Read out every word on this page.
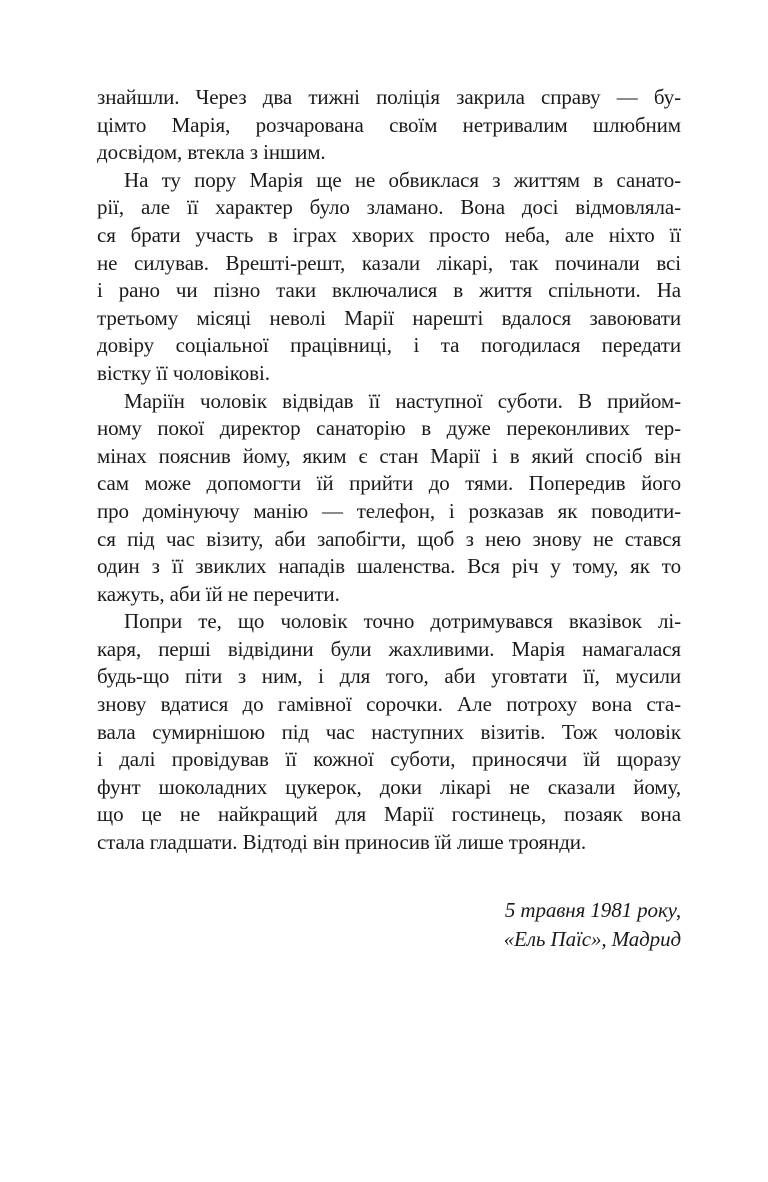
знайшли. Через два тижні поліція закрила справу — бу-
цімто Марія, розчарована своїм нетривалим шлюбним
досвідом, втекла з іншим.
На ту пору Марія ще не обвиклася з життям в санато-
рії, але її характер було зламано. Вона досі відмовляла-
ся брати участь в іграх хворих просто неба, але ніхто її
не силував. Врешті-решт, казали лікарі, так починали всі
і рано чи пізно таки включалися в життя спільноти. На
третьому місяці неволі Марії нарешті вдалося завоювати
довіру соціальної працівниці, і та погодилася передати
вістку її чоловікові.
Маріїн чоловік відвідав її наступної суботи. В прийом-
ному покої директор санаторію в дуже переконливих тер-
мінах пояснив йому, яким є стан Марії і в який спосіб він
сам може допомогти їй прийти до тями. Попередив його
про домінуючу манію — телефон, і розказав як поводити-
ся під час візиту, аби запобігти, щоб з нею знову не стався
один з її звиклих нападів шаленства. Вся річ у тому, як то
кажуть, аби їй не перечити.
Попри те, що чоловік точно дотримувався вказівок лі-
каря, перші відвідини були жахливими. Марія намагалася
будь-що піти з ним, і для того, аби уговтати її, мусили
знову вдатися до гамівної сорочки. Але потроху вона ста-
вала сумирнішою під час наступних візитів. Тож чоловік
і далі провідував її кожної суботи, приносячи їй щоразу
фунт шоколадних цукерок, доки лікарі не сказали йому,
що це не найкращий для Марії гостинець, позаяк вона
стала гладшати. Відтоді він приносив їй лише троянди.
5 травня 1981 року,
«Ель Паїс», Мадрид
